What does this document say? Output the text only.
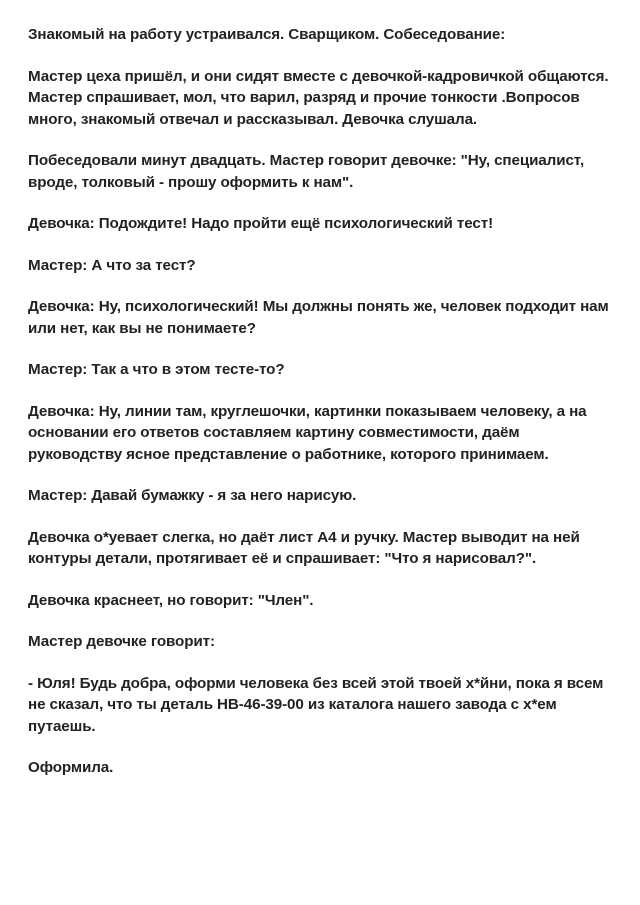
Знакомый на работу устраивался. Сварщиком. Собеседование:

Мастер цеха пришёл, и они сидят вместе с девочкой-кадровичкой общаются. Мастер спрашивает, мол, что варил, разряд и прочие тонкости .Вопросов много, знакомый отвечал и рассказывал. Девочка слушала.

Побеседовали минут двадцать. Мастер говорит девочке: "Ну, специалист, вроде, толковый - прошу оформить к нам".

Девочка: Подождите! Надо пройти ещё психологический тест!

Мастер: А что за тест?

Девочка: Ну, психологический! Мы должны понять же, человек подходит нам или нет, как вы не понимаете?

Мастер: Так а что в этом тесте-то?

Девочка: Ну, линии там, круглешочки, картинки показываем человеку, а на основании его ответов составляем картину совместимости, даём руководству ясное представление о работнике, которого принимаем.

Мастер: Давай бумажку - я за него нарисую.

Девочка о*уевает слегка, но даёт лист А4 и ручку. Мастер выводит на ней контуры детали, протягивает её и спрашивает: "Что я нарисовал?".

Девочка краснеет, но говорит: "Член".

Мастер девочке говорит:

- Юля! Будь добра, оформи человека без всей этой твоей х*йни, пока я всем не сказал, что ты деталь НВ-46-39-00 из каталога нашего завода с х*ем путаешь.

Оформила.
